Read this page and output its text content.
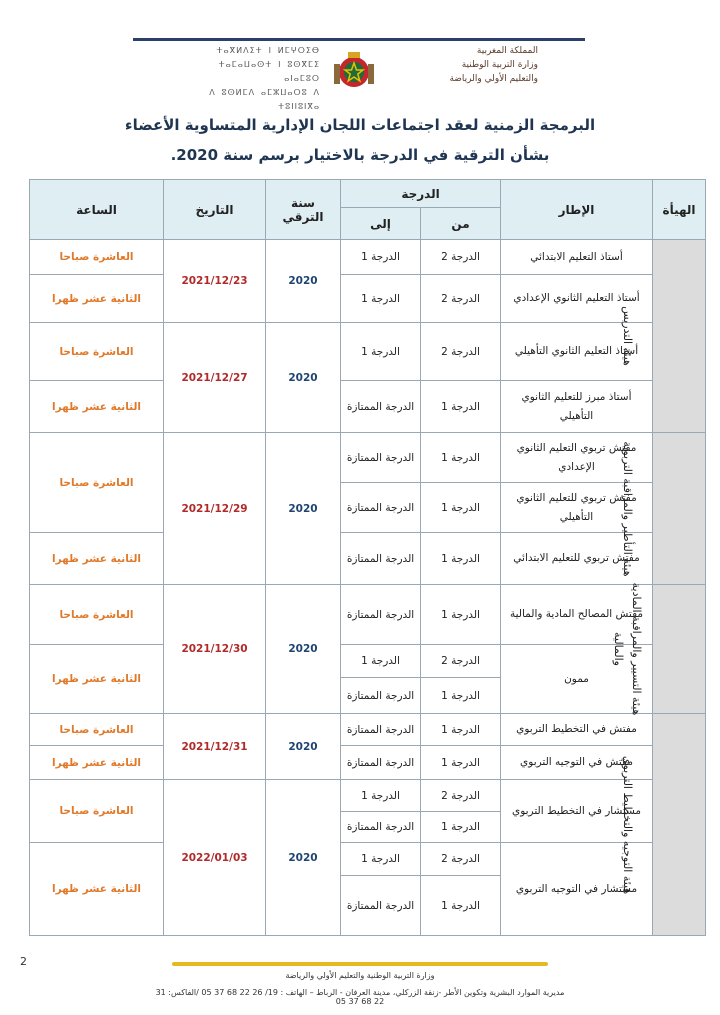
المملكة المغربية
وزارة التربية الوطنية
والتعليم الأولي والرياضة
ⵜⴰⴳⵍⴷⵉⵜ ⵏ ⵍⵎⵖⵔⵉⴱ
ⵜⴰⵎⴰⵡⴰⵙⵜ ⵏ ⵓⵙⴳⵎⵉ ⴰⵏⴰⵎⵓⵔ
ⴷ ⵓⵙⵍⵎⴷ ⴰⵎⵣⵡⴰⵔⵓ ⴷ ⵜⵓⵏⵏⵓⵏⴳⴰ
البرمجة الزمنية لعقد اجتماعات اللجان الإدارية المتساوية الأعضاء
بشأن الترقية في الدرجة بالاختيار برسم سنة 2020.
الهيأة	الإطار	الدرجة		سنة الترقي	التاريخ	الساعة
		من	إلى			
هيئة التدريس	أستاذ التعليم الابتدائي	الدرجة 2	الدرجة 1	2020	2021/12/23	العاشرة صباحا
	أستاذ التعليم الثانوي الإعدادي	الدرجة 2	الدرجة 1			الثانية عشر ظهرا
	أستاذ التعليم الثانوي التأهيلي	الدرجة 2	الدرجة 1	2020	2021/12/27	العاشرة صباحا
	أستاذ مبرز للتعليم الثانوي التأهيلي	الدرجة 1	الدرجة الممتازة			الثانية عشر ظهرا
هيئة التأطير والمراقبة التربوية	مفتش تربوي التعليم الثانوي الإعدادي	الدرجة 1	الدرجة الممتازة	2020	2021/12/29	العاشرة صباحا
	مفتش تربوي للتعليم الثانوي التأهيلي	الدرجة 1	الدرجة الممتازة			
	مفتش تربوي للتعليم الابتدائي	الدرجة 1	الدرجة الممتازة			الثانية عشر ظهرا
هيئة التسيير والمراقبة المادية والمالية	مفتش المصالح المادية والمالية	الدرجة 1	الدرجة الممتازة	2020	2021/12/30	العاشرة صباحا
	ممون	الدرجة 2	الدرجة 1			الثانية عشر ظهرا
		الدرجة 1	الدرجة الممتازة			
هيئة التوجيه والتخطيط التربوي	مفتش في التخطيط التربوي	الدرجة 1	الدرجة الممتازة	2020	2021/12/31	العاشرة صباحا
	مفتش في التوجيه التربوي	الدرجة 1	الدرجة الممتازة			الثانية عشر ظهرا
	مستشار في التخطيط التربوي	الدرجة 2	الدرجة 1	2020	2022/01/03	العاشرة صباحا
		الدرجة 1	الدرجة الممتازة			
	مستشار في التوجيه التربوي	الدرجة 2	الدرجة 1			الثانية عشر ظهرا
		الدرجة 1	الدرجة الممتازة			
2
وزارة التربية الوطنية والتعليم الأولي والرياضة
مديرية الموارد البشرية وتكوين الأطر -زنقة الزركلي، مدينة العرفان - الرباط – الهاتف : 19/ 26 22 68 37 05 /الفاكس: 31 22 68 37 05
